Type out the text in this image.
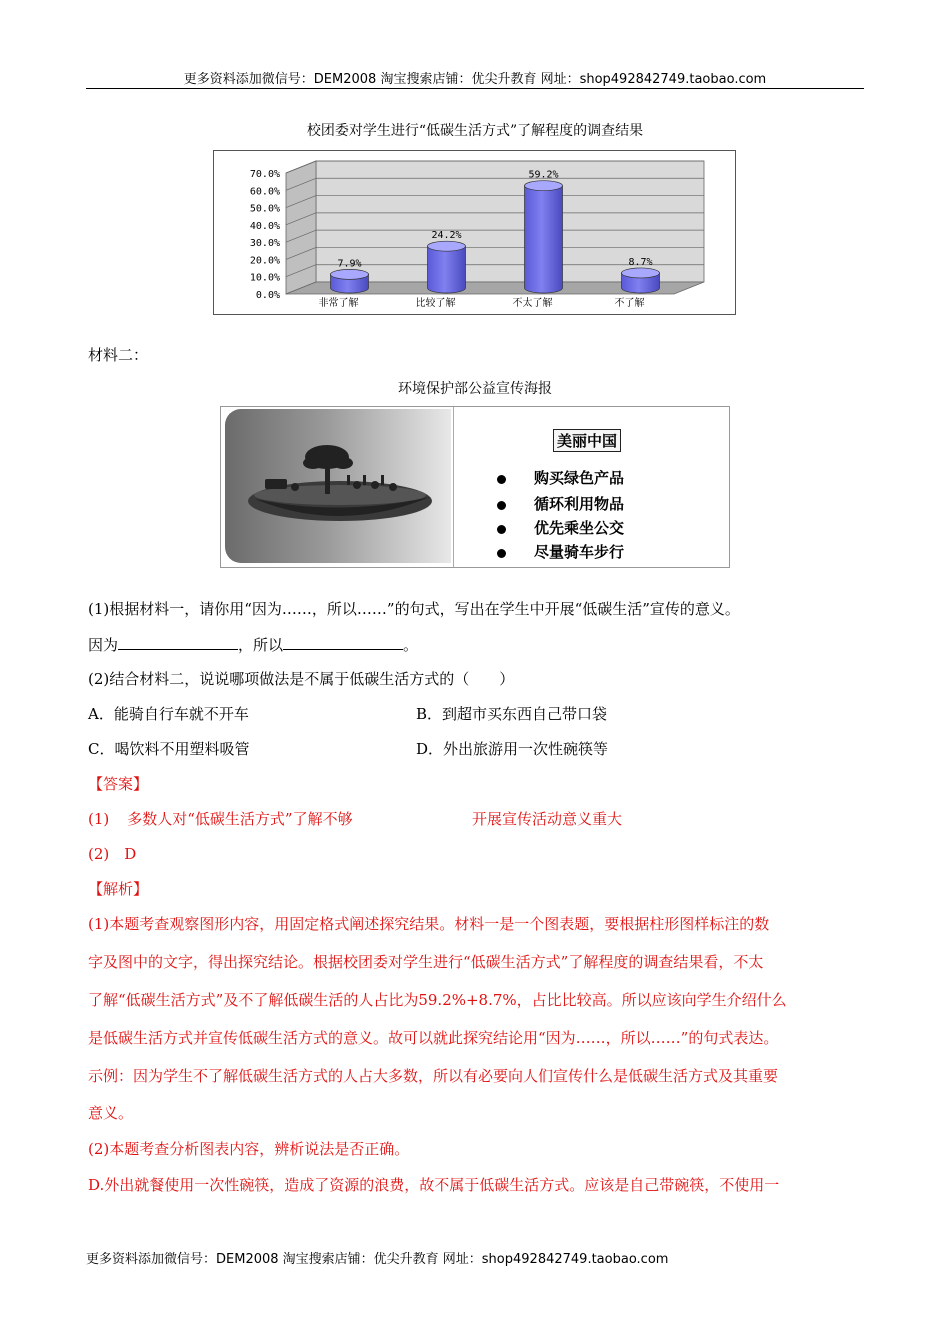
更多资料添加微信号：DEM2008 淘宝搜索店铺：优尖升教育 网址：shop492842749.taobao.com
校团委对学生进行“低碳生活方式”了解程度的调查结果
0.0%
10.0%
20.0%
30.0%
40.0%
50.0%
60.0%
70.0%
7.9%
非常了解
24.2%
比较了解
59.2%
不太了解
8.7%
不了解
材料二：
环境保护部公益宣传海报
美丽中国
购买绿色产品
循环利用物品
优先乘坐公交
尽量骑车步行
(1)根据材料一，请你用“因为……，所以……”的句式，写出在学生中开展“低碳生活”宣传的意义。
因为	，所以	。
(2)结合材料二，说说哪项做法是不属于低碳生活方式的（　　）
A．能骑自行车就不开车	B．到超市买东西自己带口袋
C．喝饮料不用塑料吸管	D．外出旅游用一次性碗筷等
【答案】
(1) 多数人对“低碳生活方式”了解不够	开展宣传活动意义重大
(2)　D
【解析】
(1)本题考查观察图形内容，用固定格式阐述探究结果。材料一是一个图表题，要根据柱形图样标注的数
字及图中的文字，得出探究结论。根据校团委对学生进行“低碳生活方式”了解程度的调查结果看，不太
了解“低碳生活方式”及不了解低碳生活的人占比为59.2%+8.7%，占比比较高。所以应该向学生介绍什么
是低碳生活方式并宣传低碳生活方式的意义。故可以就此探究结论用“因为……，所以……”的句式表达。
示例：因为学生不了解低碳生活方式的人占大多数，所以有必要向人们宣传什么是低碳生活方式及其重要
意义。
(2)本题考查分析图表内容，辨析说法是否正确。
D.外出就餐使用一次性碗筷，造成了资源的浪费，故不属于低碳生活方式。应该是自己带碗筷，不使用一
更多资料添加微信号：DEM2008 淘宝搜索店铺：优尖升教育 网址：shop492842749.taobao.com
